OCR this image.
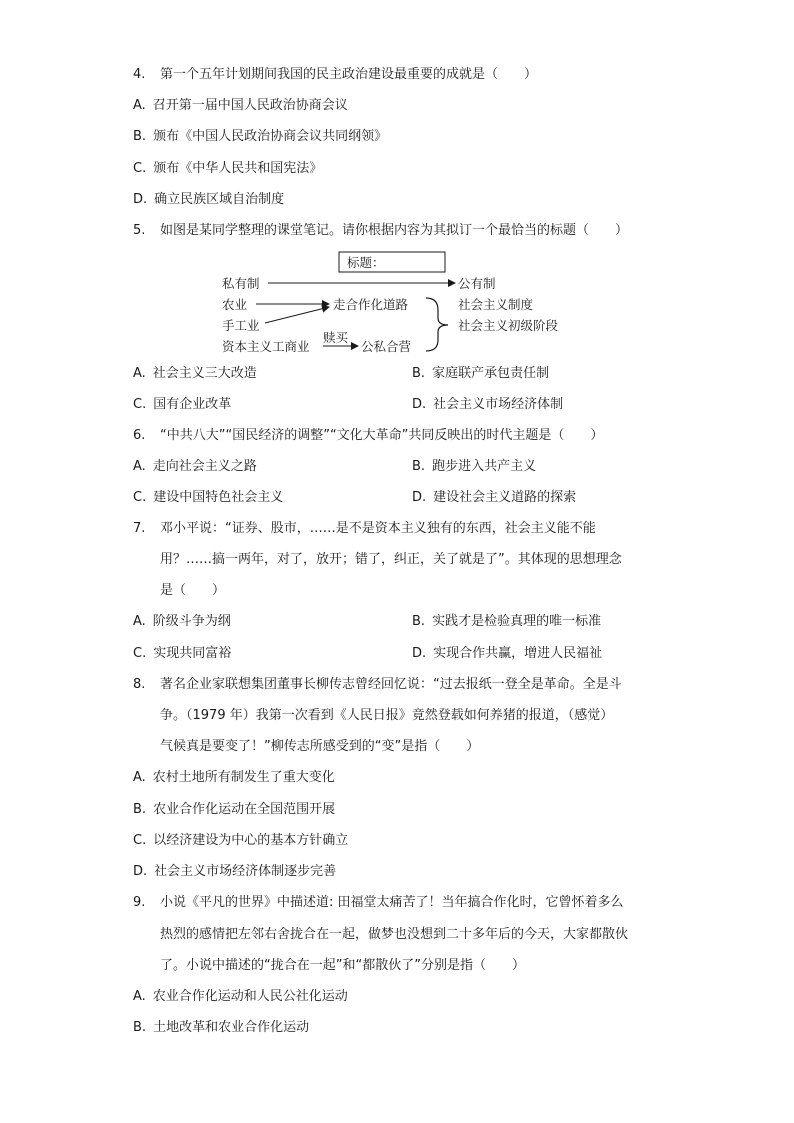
4. 第一个五年计划期间我国的民主政治建设最重要的成就是（　　）
A. 召开第一届中国人民政治协商会议
B. 颁布《中国人民政治协商会议共同纲领》
C. 颁布《中华人民共和国宪法》
D. 确立民族区域自治制度
5. 如图是某同学整理的课堂笔记。请你根据内容为其拟订一个最恰当的标题（　　）
标题：
私有制
农业
手工业
资本主义工商业
走合作化道路
赎买
公私合营
公有制
社会主义制度
社会主义初级阶段
A. 社会主义三大改造	B. 家庭联产承包责任制
C. 国有企业改革	D. 社会主义市场经济体制
6. “中共八大”“国民经济的调整”“文化大革命”共同反映出的时代主题是（　　）
A. 走向社会主义之路	B. 跑步进入共产主义
C. 建设中国特色社会主义	D. 建设社会主义道路的探索
7. 邓小平说：“证券、股市，……是不是资本主义独有的东西，社会主义能不能
用？……搞一两年，对了，放开；错了，纠正，关了就是了”。其体现的思想理念
是（　　）
A. 阶级斗争为纲	B. 实践才是检验真理的唯一标准
C. 实现共同富裕	D. 实现合作共赢，增进人民福祉
8. 著名企业家联想集团董事长柳传志曾经回忆说：“过去报纸一登全是革命。全是斗
争。（1979 年）我第一次看到《人民日报》竟然登载如何养猪的报道，（感觉）
气候真是要变了！”柳传志所感受到的“变”是指（　　）
A. 农村土地所有制发生了重大变化
B. 农业合作化运动在全国范围开展
C. 以经济建设为中心的基本方针确立
D. 社会主义市场经济体制逐步完善
9. 小说《平凡的世界》中描述道: 田福堂太痛苦了！当年搞合作化时，它曾怀着多么
热烈的感情把左邻右舍拢合在一起，做梦也没想到二十多年后的今天，大家都散伙
了。小说中描述的“拢合在一起”和“都散伙了”分别是指（　　）
A. 农业合作化运动和人民公社化运动
B. 土地改革和农业合作化运动
